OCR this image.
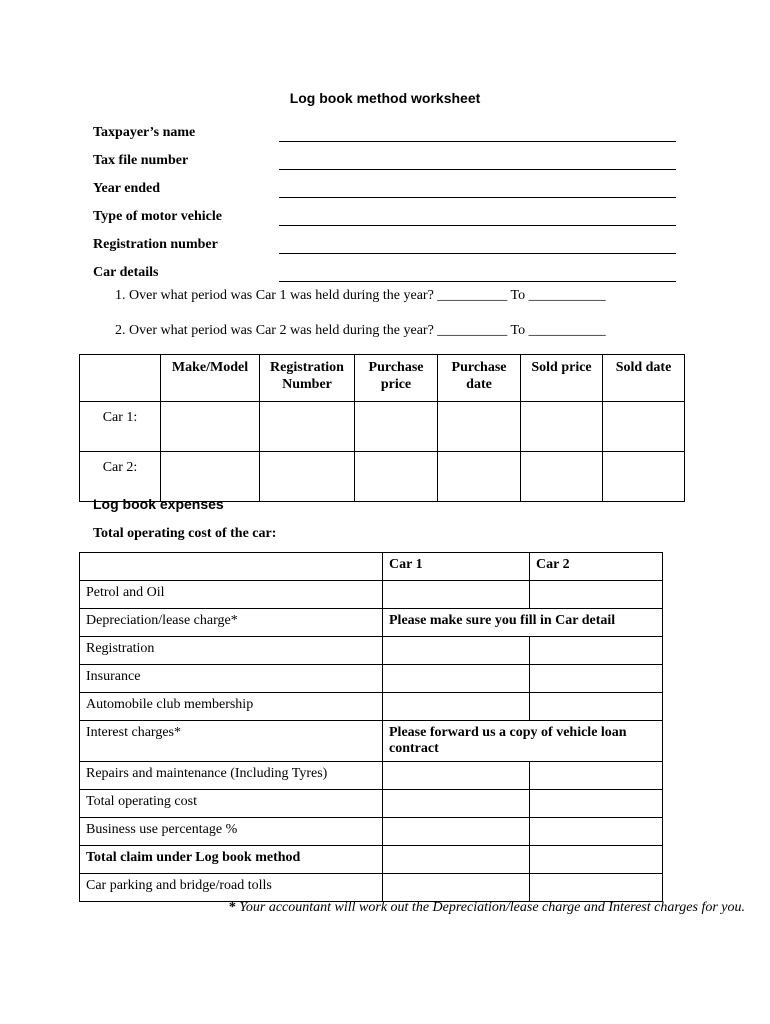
Log book method worksheet
Taxpayer’s name
Tax file number
Year ended
Type of motor vehicle
Registration number
Car details
1. Over what period was Car 1 was held during the year? __________ To ___________
2. Over what period was Car 2 was held during the year? __________ To ___________
	Make/Model	Registration Number	Purchase price	Purchase date	Sold price	Sold date
Car 1:						
Car 2:						
Log book expenses
Total operating cost of the car:
	Car 1	Car 2
Petrol and Oil		
Depreciation/lease charge*	Please make sure you fill in Car detail	
Registration		
Insurance		
Automobile club membership		
Interest charges*	Please forward us a copy of vehicle loan contract	
Repairs and maintenance (Including Tyres)		
Total operating cost		
Business use percentage %		
Total claim under Log book method		
Car parking and bridge/road tolls		
* Your accountant will work out the Depreciation/lease charge and Interest charges for you.
